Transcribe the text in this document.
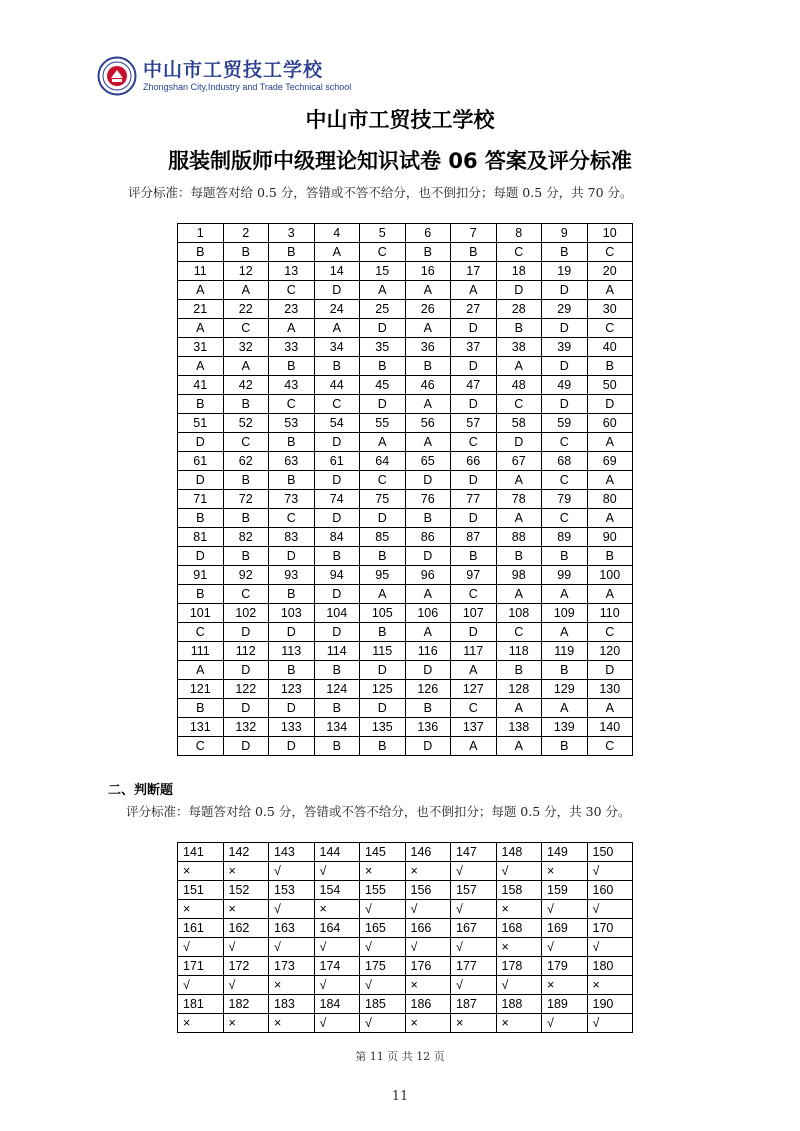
中山市工贸技工学校
Zhongshan City,Industry and Trade Technical school
中山市工贸技工学校
服装制版师中级理论知识试卷 06 答案及评分标准
评分标准：每题答对给 0.5 分，答错或不答不给分，也不倒扣分；每题 0.5 分，共 70 分。
1	2	3	4	5	6	7	8	9	10
B	B	B	A	C	B	B	C	B	C
11	12	13	14	15	16	17	18	19	20
A	A	C	D	A	A	A	D	D	A
21	22	23	24	25	26	27	28	29	30
A	C	A	A	D	A	D	B	D	C
31	32	33	34	35	36	37	38	39	40
A	A	B	B	B	B	D	A	D	B
41	42	43	44	45	46	47	48	49	50
B	B	C	C	D	A	D	C	D	D
51	52	53	54	55	56	57	58	59	60
D	C	B	D	A	A	C	D	C	A
61	62	63	61	64	65	66	67	68	69
D	B	B	D	C	D	D	A	C	A
71	72	73	74	75	76	77	78	79	80
B	B	C	D	D	B	D	A	C	A
81	82	83	84	85	86	87	88	89	90
D	B	D	B	B	D	B	B	B	B
91	92	93	94	95	96	97	98	99	100
B	C	B	D	A	A	C	A	A	A
101	102	103	104	105	106	107	108	109	110
C	D	D	D	B	A	D	C	A	C
111	112	113	114	115	116	117	118	119	120
A	D	B	B	D	D	A	B	B	D
121	122	123	124	125	126	127	128	129	130
B	D	D	B	D	B	C	A	A	A
131	132	133	134	135	136	137	138	139	140
C	D	D	B	B	D	A	A	B	C
二、判断题
评分标准：每题答对给 0.5 分，答错或不答不给分，也不倒扣分；每题 0.5 分，共 30 分。
141	142	143	144	145	146	147	148	149	150
×	×	√	√	×	×	√	√	×	√
151	152	153	154	155	156	157	158	159	160
×	×	√	×	√	√	√	×	√	√
161	162	163	164	165	166	167	168	169	170
√	√	√	√	√	√	√	×	√	√
171	172	173	174	175	176	177	178	179	180
√	√	×	√	√	×	√	√	×	×
181	182	183	184	185	186	187	188	189	190
×	×	×	√	√	×	×	×	√	√
第 11 页 共 12 页
11
